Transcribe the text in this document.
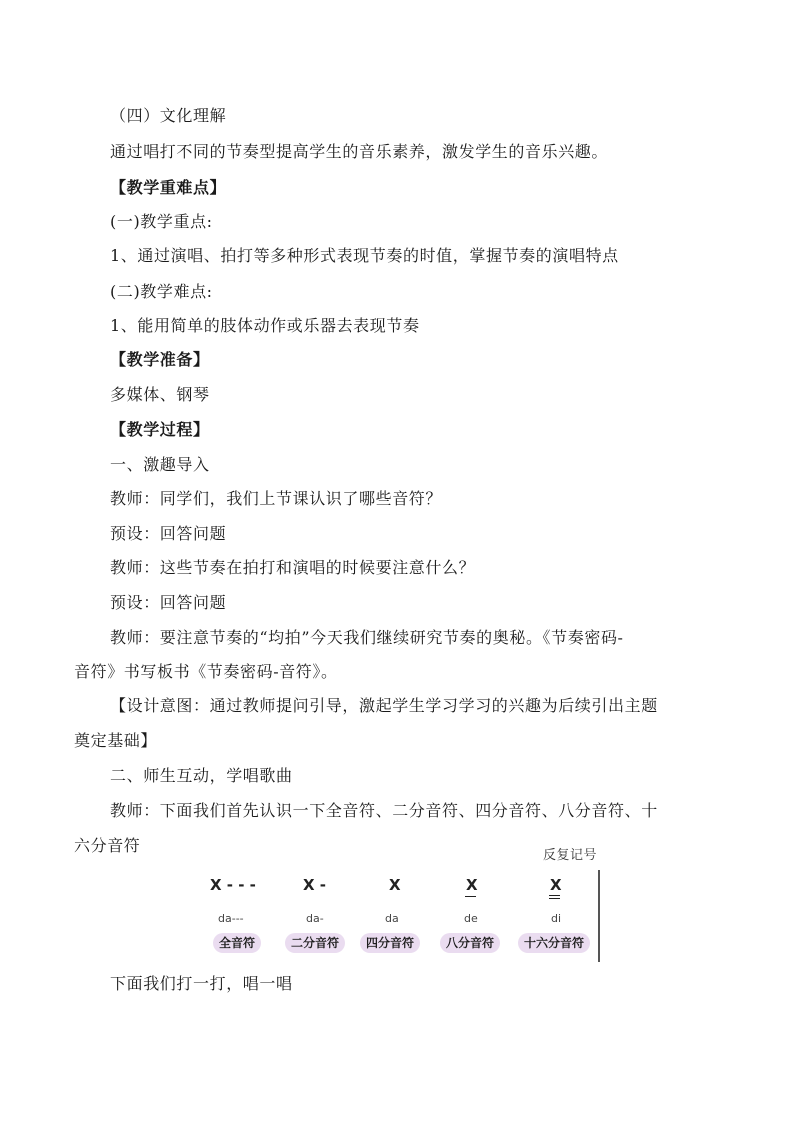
（四）文化理解
通过唱打不同的节奏型提高学生的音乐素养，激发学生的音乐兴趣。
【教学重难点】
(一)教学重点:
1、通过演唱、拍打等多种形式表现节奏的时值，掌握节奏的演唱特点
(二)教学难点:
1、能用简单的肢体动作或乐器去表现节奏
【教学准备】
多媒体、钢琴
【教学过程】
一、激趣导入
教师：同学们，我们上节课认识了哪些音符？
预设：回答问题
教师：这些节奏在拍打和演唱的时候要注意什么？
预设：回答问题
教师：要注意节奏的“均拍”今天我们继续研究节奏的奥秘。《节奏密码-
音符》书写板书《节奏密码-音符》。
【设计意图：通过教师提问引导，激起学生学习学习的兴趣为后续引出主题
奠定基础】
二、师生互动，学唱歌曲
教师：下面我们首先认识一下全音符、二分音符、四分音符、八分音符、十
六分音符
反复记号
X - - -
da---
全音符
X -
da-
二分音符
X
da
四分音符
X
de
八分音符
X
di
十六分音符
下面我们打一打，唱一唱
